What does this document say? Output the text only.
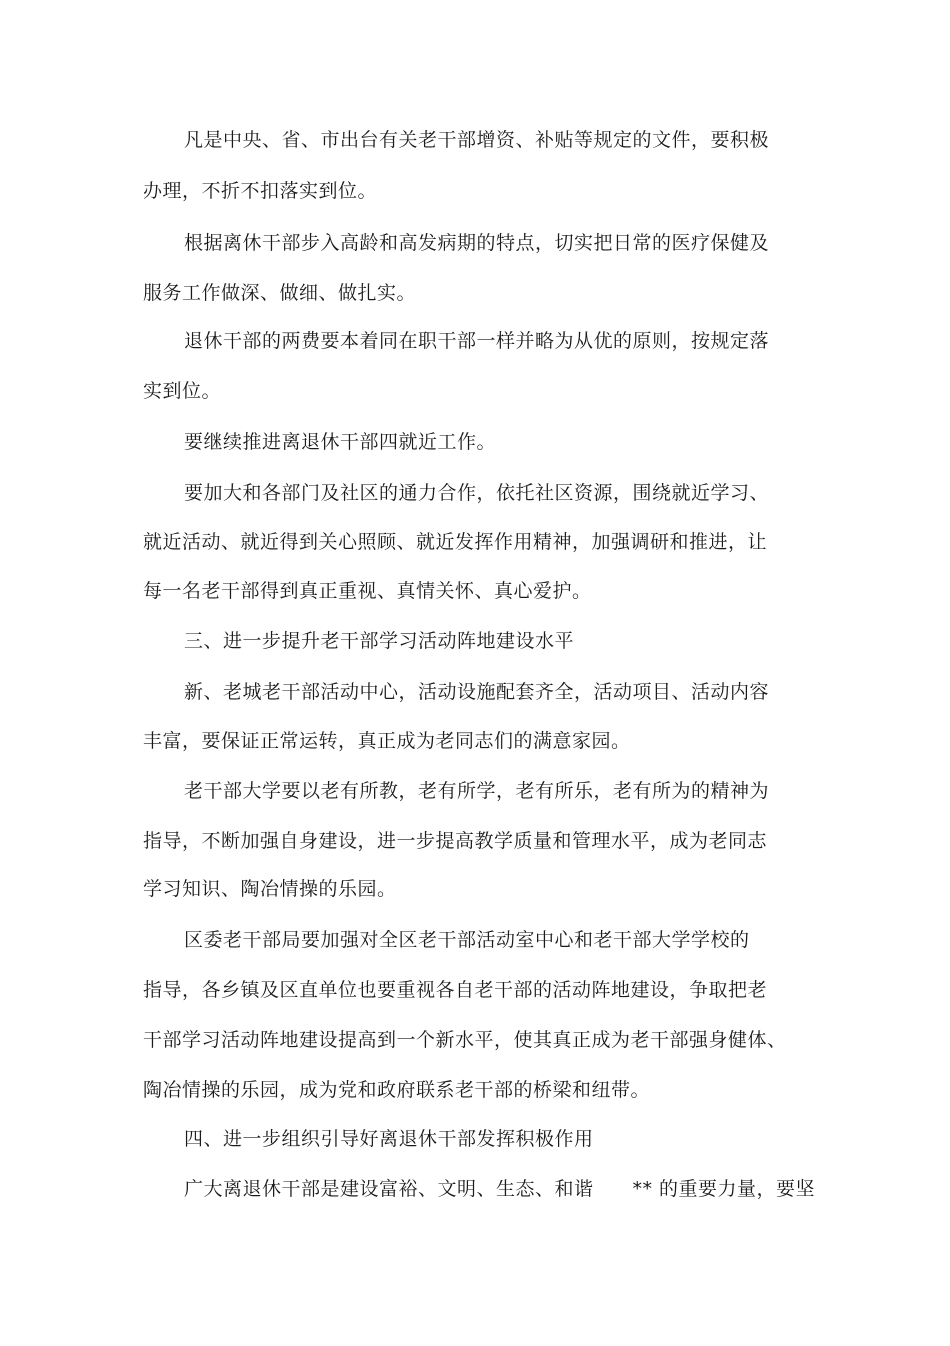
凡是中央、省、市出台有关老干部增资、补贴等规定的文件，要积极
办理，不折不扣落实到位。
根据离休干部步入高龄和高发病期的特点，切实把日常的医疗保健及
服务工作做深、做细、做扎实。
退休干部的两费要本着同在职干部一样并略为从优的原则，按规定落
实到位。
要继续推进离退休干部四就近工作。
要加大和各部门及社区的通力合作，依托社区资源，围绕就近学习、
就近活动、就近得到关心照顾、就近发挥作用精神，加强调研和推进，让
每一名老干部得到真正重视、真情关怀、真心爱护。
三、进一步提升老干部学习活动阵地建设水平
新、老城老干部活动中心，活动设施配套齐全，活动项目、活动内容
丰富，要保证正常运转，真正成为老同志们的满意家园。
老干部大学要以老有所教，老有所学，老有所乐，老有所为的精神为
指导，不断加强自身建设，进一步提高教学质量和管理水平，成为老同志
学习知识、陶冶情操的乐园。
区委老干部局要加强对全区老干部活动室中心和老干部大学学校的
指导，各乡镇及区直单位也要重视各自老干部的活动阵地建设，争取把老
干部学习活动阵地建设提高到一个新水平，使其真正成为老干部强身健体、
陶冶情操的乐园，成为党和政府联系老干部的桥梁和纽带。
四、进一步组织引导好离退休干部发挥积极作用
广大离退休干部是建设富裕、文明、生态、和谐　　** 的重要力量，要坚
